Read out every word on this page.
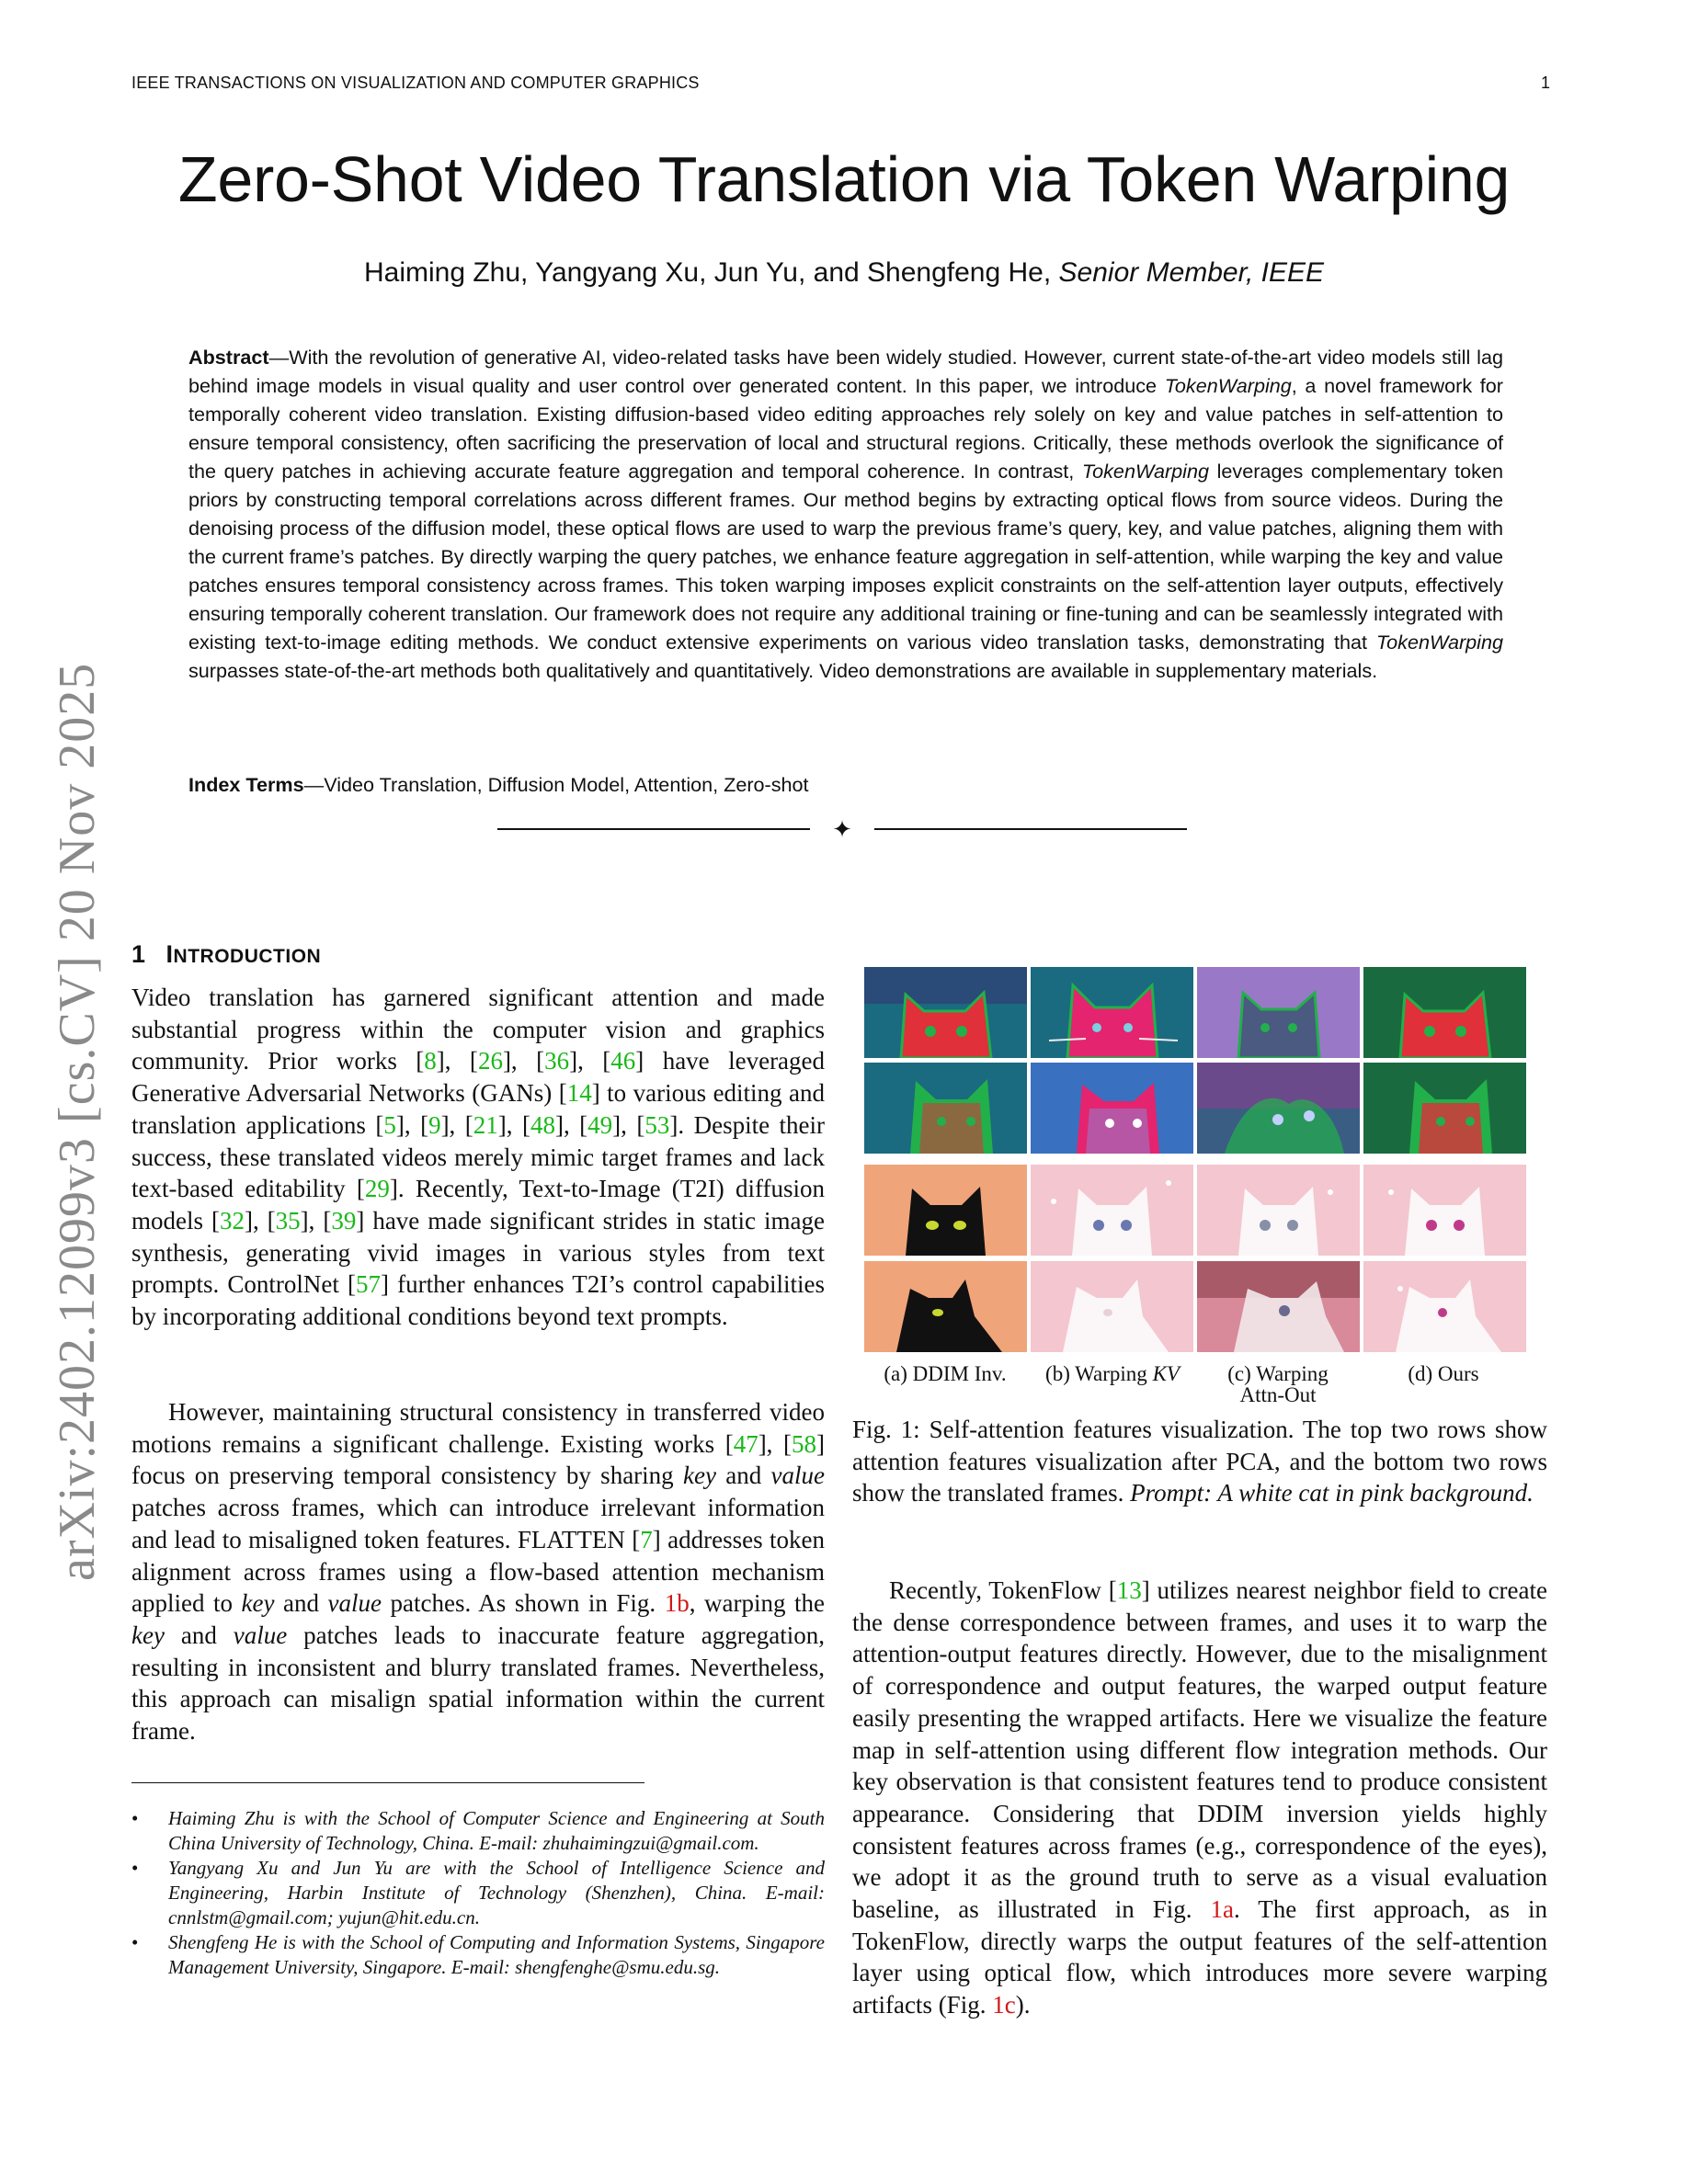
IEEE TRANSACTIONS ON VISUALIZATION AND COMPUTER GRAPHICS	1
Zero-Shot Video Translation via Token Warping
Haiming Zhu, Yangyang Xu, Jun Yu, and Shengfeng He, Senior Member, IEEE

Abstract—With the revolution of generative AI, video-related tasks have been widely studied. However, current state-of-the-art video models still lag behind image models in visual quality and user control over generated content. In this paper, we introduce TokenWarping, a novel framework for temporally coherent video translation. Existing diffusion-based video editing approaches rely solely on key and value patches in self-attention to ensure temporal consistency, often sacrificing the preservation of local and structural regions. Critically, these methods overlook the significance of the query patches in achieving accurate feature aggregation and temporal coherence. In contrast, TokenWarping leverages complementary token priors by constructing temporal correlations across different frames. Our method begins by extracting optical flows from source videos. During the denoising process of the diffusion model, these optical flows are used to warp the previous frame’s query, key, and value patches, aligning them with the current frame’s patches. By directly warping the query patches, we enhance feature aggregation in self-attention, while warping the key and value patches ensures temporal consistency across frames. This token warping imposes explicit constraints on the self-attention layer outputs, effectively ensuring temporally coherent translation. Our framework does not require any additional training or fine-tuning and can be seamlessly integrated with existing text-to-image editing methods. We conduct extensive experiments on various video translation tasks, demonstrating that TokenWarping surpasses state-of-the-art methods both qualitatively and quantitatively. Video demonstrations are available in supplementary materials.

Index Terms—Video Translation, Diffusion Model, Attention, Zero-shot

✦
arXiv:2402.12099v3 [cs.CV] 20 Nov 2025 1 INTRODUCTION

Video translation has garnered significant attention and made substantial progress within the computer vision and graphics community. Prior works [8], [26], [36], [46] have leveraged Generative Adversarial Networks (GANs) [14] to various editing and translation applications [5], [9], [21], [48], [49], [53]. Despite their success, these translated videos merely mimic target frames and lack text-based editability [29]. Recently, Text-to-Image (T2I) diffusion models [32], [35], [39] have made significant strides in static image synthesis, generating vivid images in various styles from text prompts. ControlNet [57] further enhances T2I’s control capabilities by incorporating additional conditions beyond text prompts.

However, maintaining structural consistency in transferred video motions remains a significant challenge. Existing works [47], [58] focus on preserving temporal consistency by sharing key and value patches across frames, which can introduce irrelevant information and lead to misaligned token features. FLATTEN [7] addresses token alignment across frames using a flow-based attention mechanism applied to key and value patches. As shown in Fig. 1b, warping the key and value patches leads to inaccurate feature aggregation, resulting in inconsistent and blurry translated frames. Nevertheless, this approach can misalign spatial information within the current frame.

• Haiming Zhu is with the School of Computer Science and Engineering at South China University of Technology, China. E-mail: zhuhaimingzui@gmail.com.
• Yangyang Xu and Jun Yu are with the School of Intelligence Science and Engineering, Harbin Institute of Technology (Shenzhen), China. E-mail: cnnlstm@gmail.com; yujun@hit.edu.cn.
• Shengfeng He is with the School of Computing and Information Systems, Singapore Management University, Singapore. E-mail: shengfenghe@smu.edu.sg.
(a) DDIM Inv.	(b) Warping KV	(c) Warping
Attn-Out
(d) Ours

Fig. 1: Self-attention features visualization. The top two rows show attention features visualization after PCA, and the bottom two rows show the translated frames. Prompt: A white cat in pink background.

Recently, TokenFlow [13] utilizes nearest neighbor field to create the dense correspondence between frames, and uses it to warp the attention-output features directly. However, due to the misalignment of correspondence and output features, the warped output feature easily presenting the wrapped artifacts. Here we visualize the feature map in self-attention using different flow integration methods. Our key observation is that consistent features tend to produce consistent appearance. Considering that DDIM inversion yields highly consistent features across frames (e.g., correspondence of the eyes), we adopt it as the ground truth to serve as a visual evaluation baseline, as illustrated in Fig. 1a. The first approach, as in TokenFlow, directly warps the output features of the self-attention layer using optical flow, which introduces more severe warping artifacts (Fig. 1c).
